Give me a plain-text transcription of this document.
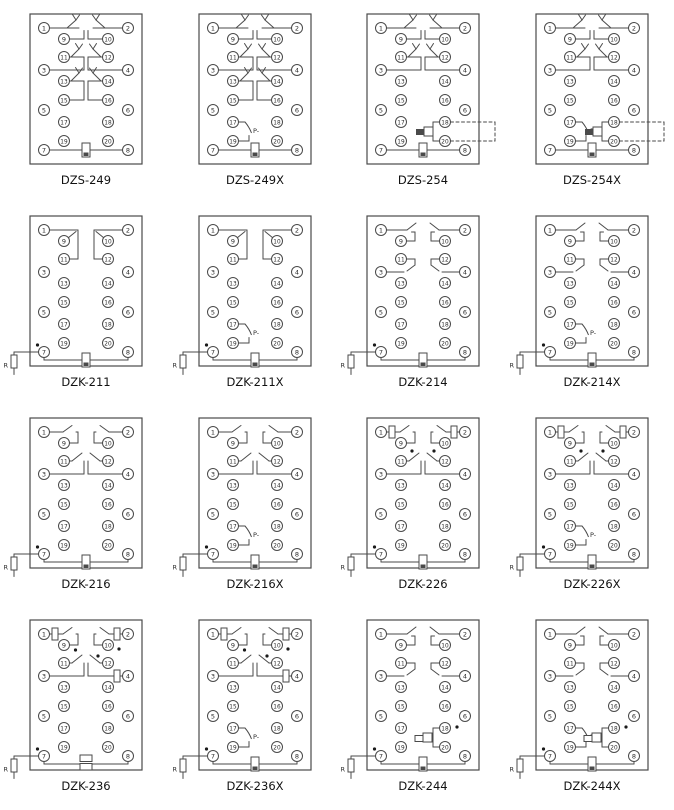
1	2
9	10
11	12
3	4
13	14
15	16
5	6
17	18
19	20
7	8
DZS-249
P-
1	2
9	10
11	12
3	4
13	14
15	16
5	6
17	18
19	20
7	8
DZS-249X
1	2
9	10
11	12
3	4
13	14
15	16
5	6
17	18
19	20
7	8
DZS-254
1	2
9	10
11	12
3	4
13	14
15	16
5	6
17	18
19	20
7	8
DZS-254X
R
1	2
9	10
11	12
3	4
13	14
15	16
5	6
17	18
19	20
7	8
DZK-211
R
P-
1	2
9	10
11	12
3	4
13	14
15	16
5	6
17	18
19	20
7	8
DZK-211X
R
1	2
9	10
11	12
3	4
13	14
15	16
5	6
17	18
19	20
7	8
DZK-214
R
P-
1	2
9	10
11	12
3	4
13	14
15	16
5	6
17	18
19	20
7	8
DZK-214X
R
1	2
9	10
11	12
3	4
13	14
15	16
5	6
17	18
19	20
7	8
DZK-216
R
P-
1	2
9	10
11	12
3	4
13	14
15	16
5	6
17	18
19	20
7	8
DZK-216X
R
1	2
9	10
11	12
3	4
13	14
15	16
5	6
17	18
19	20
7	8
DZK-226
R
P-
1	2
9	10
11	12
3	4
13	14
15	16
5	6
17	18
19	20
7	8
DZK-226X
R
1	2
9	10
11	12
3	4
13	14
15	16
5	6
17	18
19	20
7	8
DZK-236
R
P-
1	2
9	10
11	12
3	4
13	14
15	16
5	6
17	18
19	20
7	8
DZK-236X
R
1	2
9	10
11	12
3	4
13	14
15	16
5	6
17	18
19	20
7	8
DZK-244
R
1	2
9	10
11	12
3	4
13	14
15	16
5	6
17	18
19	20
7	8
DZK-244X
